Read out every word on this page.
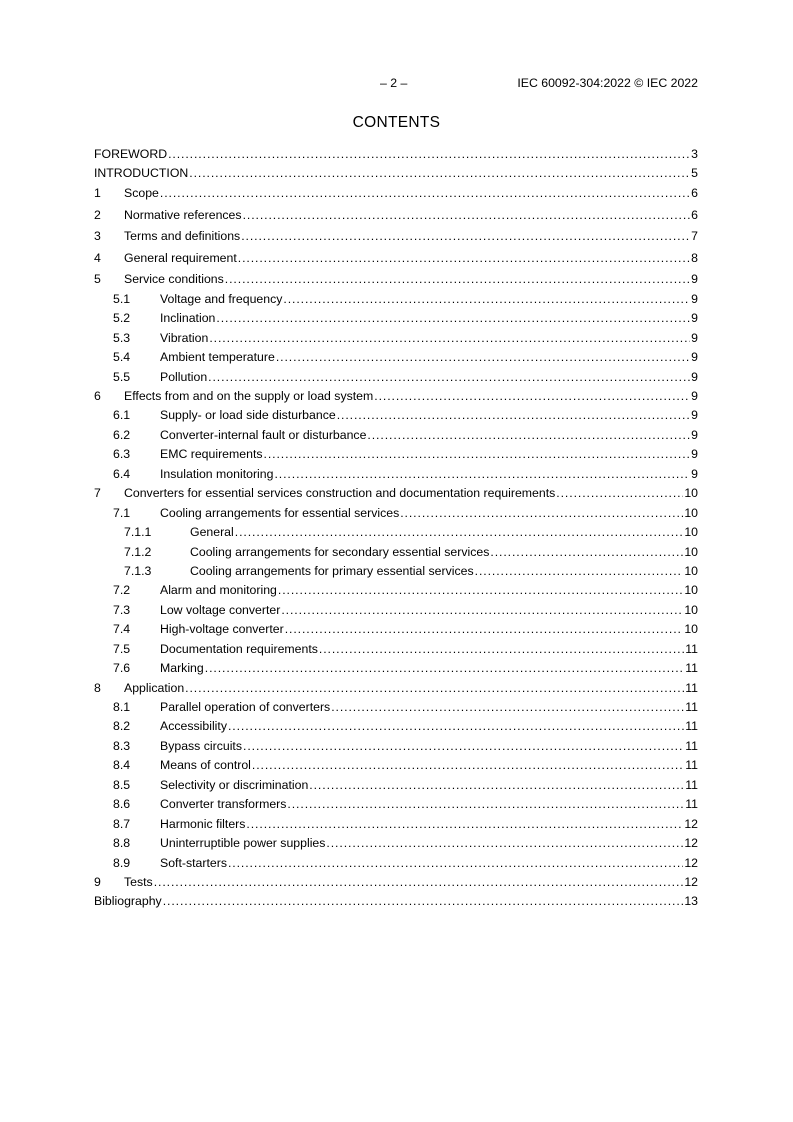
– 2 –	IEC 60092-304:2022 © IEC 2022
CONTENTS
FOREWORD .....	3
INTRODUCTION .....	5
1	Scope .....	6
2	Normative references .....	6
3	Terms and definitions .....	7
4	General requirement .....	8
5	Service conditions .....	9
5.1	Voltage and frequency .....	9
5.2	Inclination .....	9
5.3	Vibration .....	9
5.4	Ambient temperature .....	9
5.5	Pollution .....	9
6	Effects from and on the supply or load system .....	9
6.1	Supply- or load side disturbance .....	9
6.2	Converter-internal fault or disturbance .....	9
6.3	EMC requirements .....	9
6.4	Insulation monitoring .....	9
7	Converters for essential services construction and documentation requirements .....	10
7.1	Cooling arrangements for essential services .....	10
7.1.1	General .....	10
7.1.2	Cooling arrangements for secondary essential services .....	10
7.1.3	Cooling arrangements for primary essential services .....	10
7.2	Alarm and monitoring .....	10
7.3	Low voltage converter .....	10
7.4	High-voltage converter .....	10
7.5	Documentation requirements .....	11
7.6	Marking .....	11
8	Application .....	11
8.1	Parallel operation of converters .....	11
8.2	Accessibility .....	11
8.3	Bypass circuits .....	11
8.4	Means of control .....	11
8.5	Selectivity or discrimination .....	11
8.6	Converter transformers .....	11
8.7	Harmonic filters .....	12
8.8	Uninterruptible power supplies .....	12
8.9	Soft-starters .....	12
9	Tests .....	12
Bibliography .....	13
